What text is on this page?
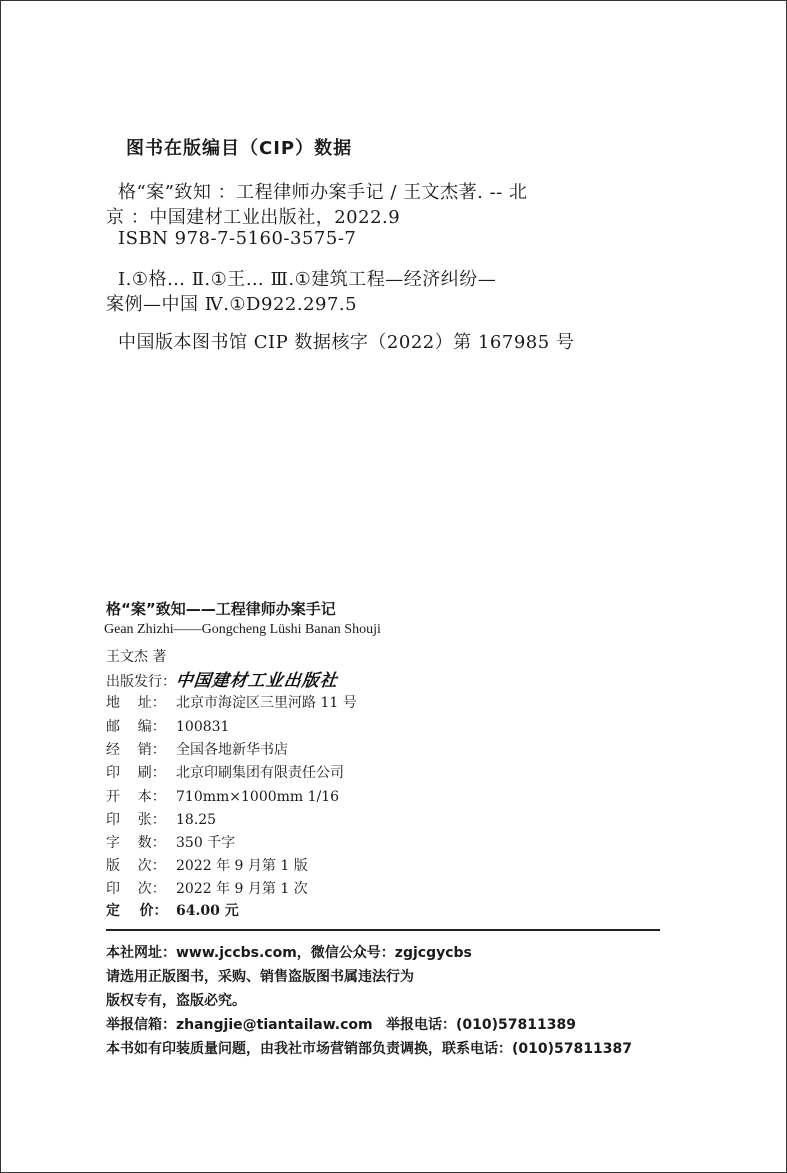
图书在版编目（CIP）数据
格“案”致知 ：工程律师办案手记 / 王文杰著. -- 北
京 ：中国建材工业出版社，2022.9
ISBN 978-7-5160-3575-7
Ⅰ.①格… Ⅱ.①王… Ⅲ.①建筑工程—经济纠纷—
案例—中国 Ⅳ.①D922.297.5
中国版本图书馆 CIP 数据核字（2022）第 167985 号
格“案”致知——工程律师办案手记
Gean Zhizhi——Gongcheng Lüshi Banan Shouji
王文杰 著
出版发行：中国建材工业出版社
地    址： 北京市海淀区三里河路 11 号
邮    编： 100831
经    销： 全国各地新华书店
印    刷： 北京印刷集团有限责任公司
开    本： 710mm×1000mm 1/16
印    张： 18.25
字    数： 350 千字
版    次： 2022 年 9 月第 1 版
印    次： 2022 年 9 月第 1 次
定    价： 64.00 元
本社网址：www.jccbs.com，微信公众号：zgjcgycbs
请选用正版图书，采购、销售盗版图书属违法行为
版权专有，盗版必究。
举报信箱：zhangjie@tiantailaw.com 举报电话：(010)57811389
本书如有印装质量问题，由我社市场营销部负责调换，联系电话：(010)57811387
